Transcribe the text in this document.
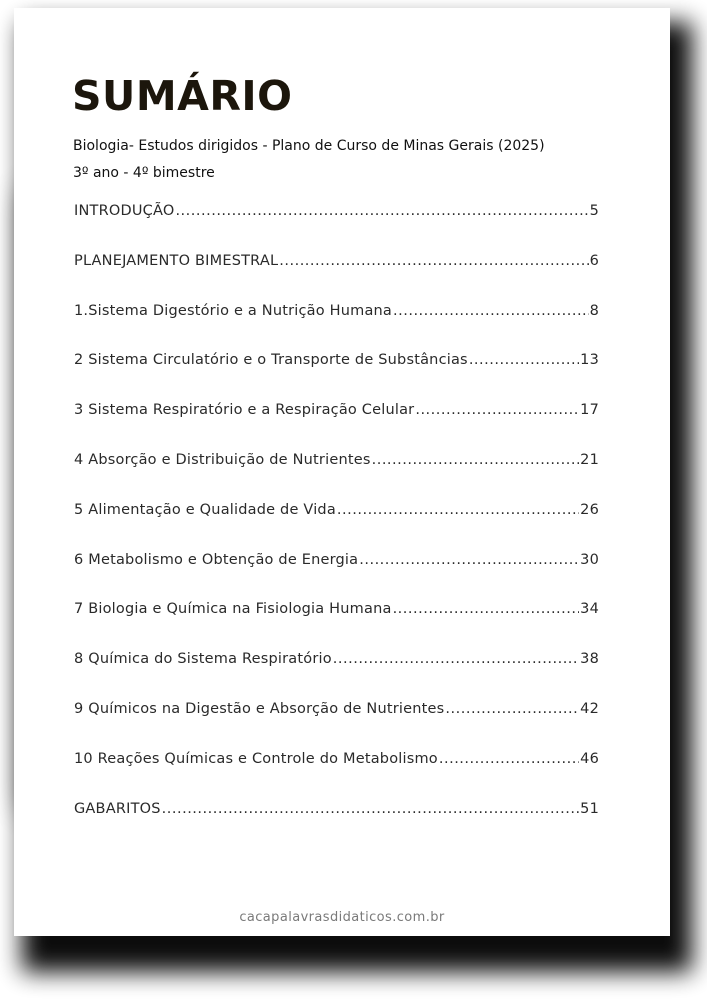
SUMÁRIO
Biologia- Estudos dirigidos - Plano de Curso de Minas Gerais (2025)
3º ano - 4º bimestre
INTRODUÇÃO .....	5
PLANEJAMENTO BIMESTRAL .....	6
1.Sistema Digestório e a Nutrição Humana .....	8
2 Sistema Circulatório e o Transporte de Substâncias .....	13
3 Sistema Respiratório e a Respiração Celular .....	17
4 Absorção e Distribuição de Nutrientes .....	21
5 Alimentação e Qualidade de Vida .....	26
6 Metabolismo e Obtenção de Energia .....	30
7 Biologia e Química na Fisiologia Humana .....	34
8 Química do Sistema Respiratório .....	38
9 Químicos na Digestão e Absorção de Nutrientes .....	42
10 Reações Químicas e Controle do Metabolismo .....	46
GABARITOS .....	51
cacapalavrasdidaticos.com.br
